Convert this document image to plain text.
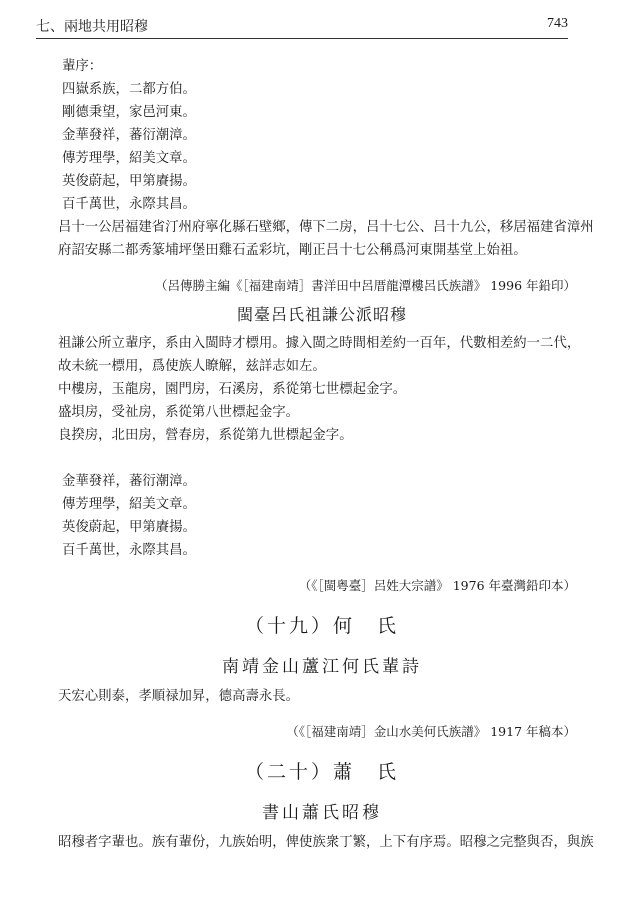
七、兩地共用昭穆	743
輩序：
四嶽系族，二都方伯。
剛德秉望，家邑河東。
金華發祥，蕃衍潮漳。
傳芳理學，紹美文章。
英俊蔚起，甲第賡揚。
百千萬世，永際其昌。
吕十一公居福建省汀州府寧化縣石壁鄉，傳下二房，吕十七公、吕十九公，移居福建省漳州
府詔安縣二都秀篆埔坪堡田雞石孟彩坑，剛正吕十七公稱爲河東開基堂上始祖。
（呂傳勝主編《［福建南靖］書洋田中呂厝龍潭樓呂氏族譜》 1996 年鉛印）
閩臺呂氏祖謙公派昭穆
祖謙公所立輩序，系由入閩時才標用。據入閩之時間相差約一百年，代數相差約一二代，
故未統一標用，爲使族人瞭解，兹詳志如左。
中樓房，玉龍房，園門房，石溪房，系從第七世標起金字。
盛垻房，受祉房，系從第八世標起金字。
良揆房，北田房，營春房，系從第九世標起金字。
金華發祥，蕃衍潮漳。
傳芳理學，紹美文章。
英俊蔚起，甲第賡揚。
百千萬世，永際其昌。
（《［閩粤臺］呂姓大宗譜》 1976 年臺灣鉛印本）
（十九）何　氏
南靖金山蘆江何氏輩詩
天宏心則泰，孝順禄加昇，德高壽永長。
（《［福建南靖］金山水美何氏族譜》 1917 年稿本）
（二十）蕭　氏
書山蕭氏昭穆
昭穆者字輩也。族有輩份，九族始明，俾使族衆丁繁，上下有序焉。昭穆之完整與否，與族
